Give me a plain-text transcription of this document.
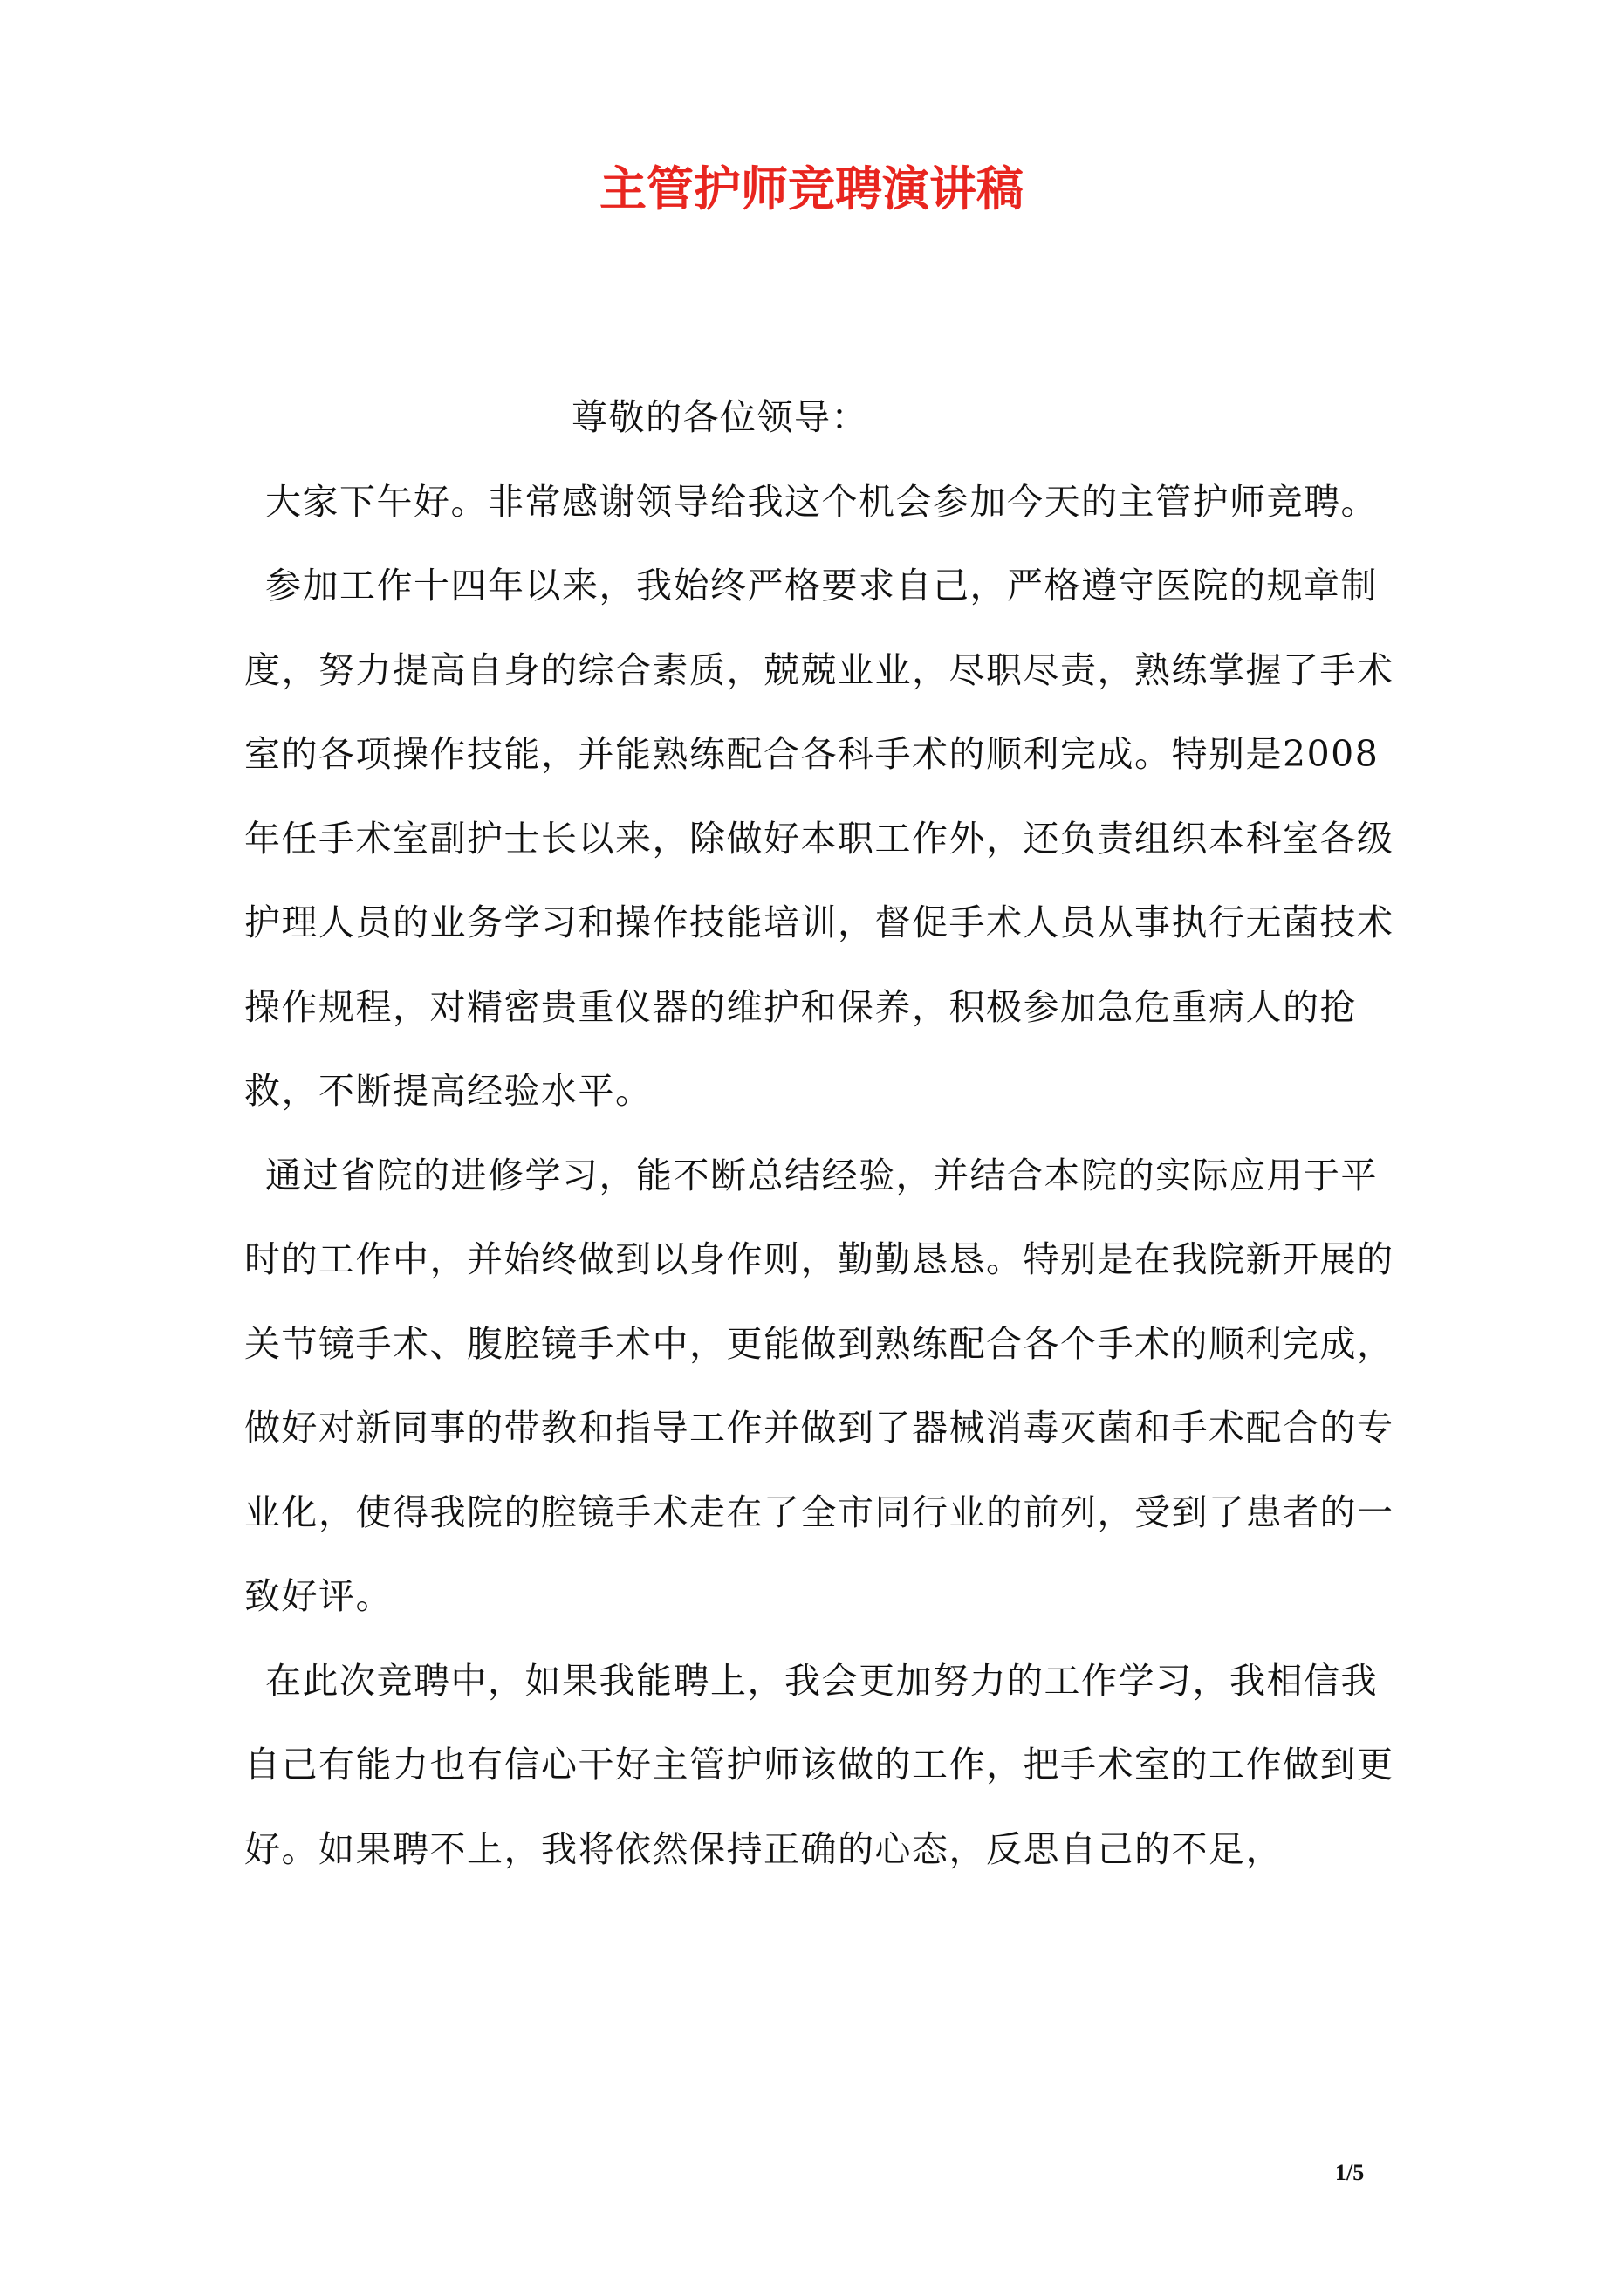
主管护师竞聘演讲稿
尊敬的各位领导：

大家下午好。非常感谢领导给我这个机会参加今天的主管护师竞聘。

参加工作十四年以来，我始终严格要求自己，严格遵守医院的规章制度，努力提高自身的综合素质，兢兢业业，尽职尽责，熟练掌握了手术室的各项操作技能，并能熟练配合各科手术的顺利完成。特别是2008年任手术室副护士长以来，除做好本职工作外，还负责组织本科室各级护理人员的业务学习和操作技能培训，督促手术人员从事执行无菌技术操作规程，对精密贵重仪器的维护和保养，积极参加急危重病人的抢救，不断提高经验水平。

通过省院的进修学习，能不断总结经验，并结合本院的实际应用于平时的工作中，并始终做到以身作则，勤勤恳恳。特别是在我院新开展的关节镜手术、腹腔镜手术中，更能做到熟练配合各个手术的顺利完成，做好对新同事的带教和指导工作并做到了器械消毒灭菌和手术配合的专业化，使得我院的腔镜手术走在了全市同行业的前列，受到了患者的一致好评。

在此次竞聘中，如果我能聘上，我会更加努力的工作学习，我相信我自己有能力也有信心干好主管护师该做的工作，把手术室的工作做到更好。如果聘不上，我将依然保持正确的心态，反思自己的不足，

1/5
